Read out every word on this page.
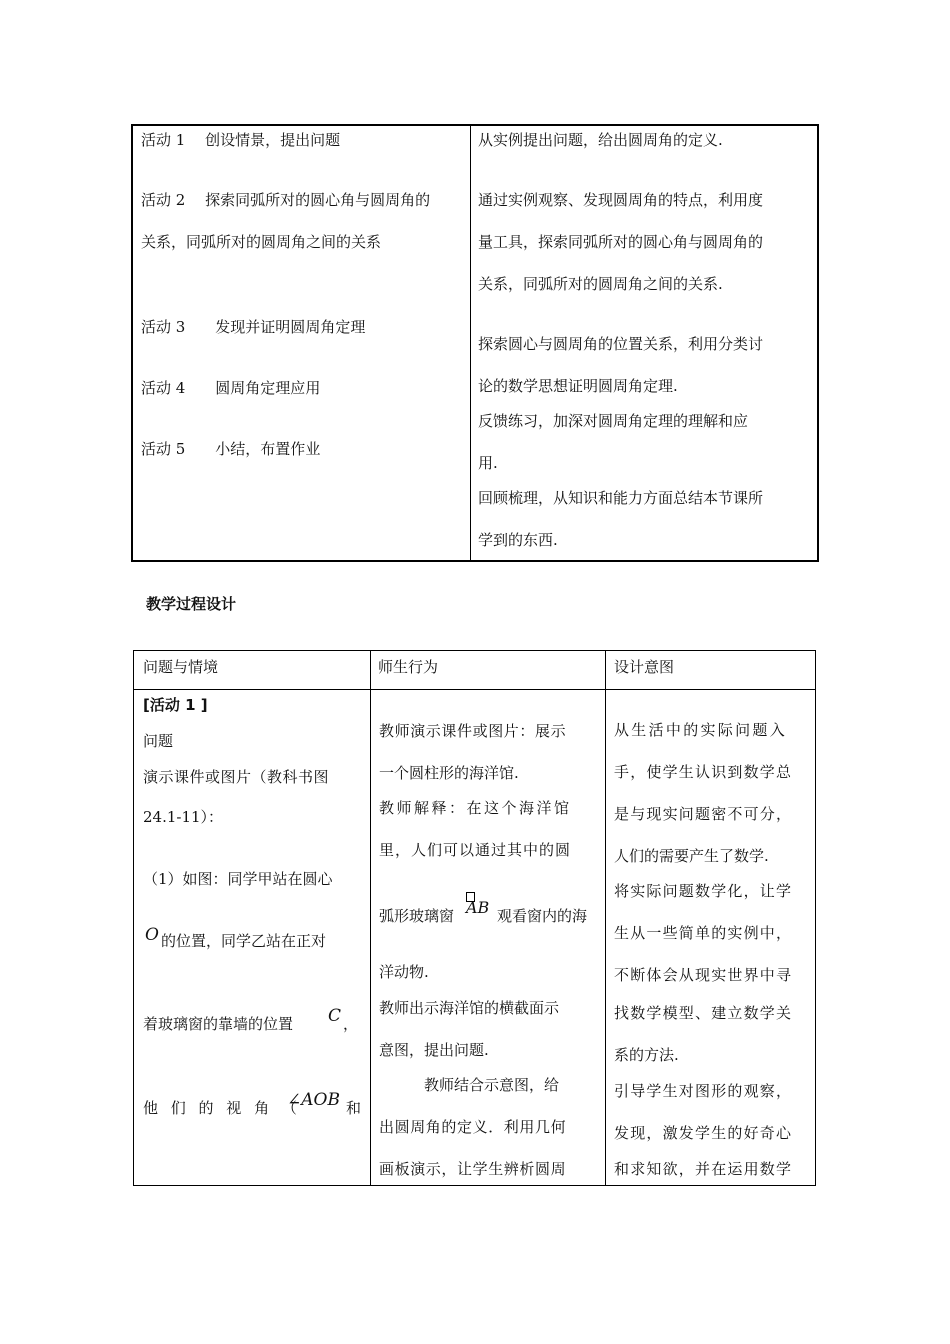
活动 1　 创设情景，提出问题
活动 2　 探索同弧所对的圆心角与圆周角的
关系，同弧所对的圆周角之间的关系
活动 3　　发现并证明圆周角定理
活动 4　　圆周角定理应用
活动 5　　小结，布置作业
从实例提出问题，给出圆周角的定义.
通过实例观察、发现圆周角的特点，利用度
量工具，探索同弧所对的圆心角与圆周角的
关系，同弧所对的圆周角之间的关系.
探索圆心与圆周角的位置关系，利用分类讨
论的数学思想证明圆周角定理.
反馈练习，加深对圆周角定理的理解和应
用.
回顾梳理，从知识和能力方面总结本节课所
学到的东西.
教学过程设计
问题与情境	师生行为	设计意图
[活动 1 ]
问题
演示课件或图片（教科书图
24.1-11）：
（1）如图：同学甲站在圆心
O 的位置，同学乙站在正对
着玻璃窗的靠墙的位置 C ，
他 们 的 视 角 （
∠AOB 和
教师演示课件或图片：展示
一个圆柱形的海洋馆.
教师解释：在这个海洋馆
里，人们可以通过其中的圆
弧形玻璃窗 AB 观看窗内的海
洋动物.
教师出示海洋馆的横截面示
意图，提出问题.
　　　教师结合示意图，给
出圆周角的定义．利用几何
画板演示，让学生辨析圆周
从生活中的实际问题入
手，使学生认识到数学总
是与现实问题密不可分，
人们的需要产生了数学.
将实际问题数学化，让学
生从一些简单的实例中，
不断体会从现实世界中寻
找数学模型、建立数学关
系的方法.
引导学生对图形的观察，
发现，激发学生的好奇心
和求知欲，并在运用数学
